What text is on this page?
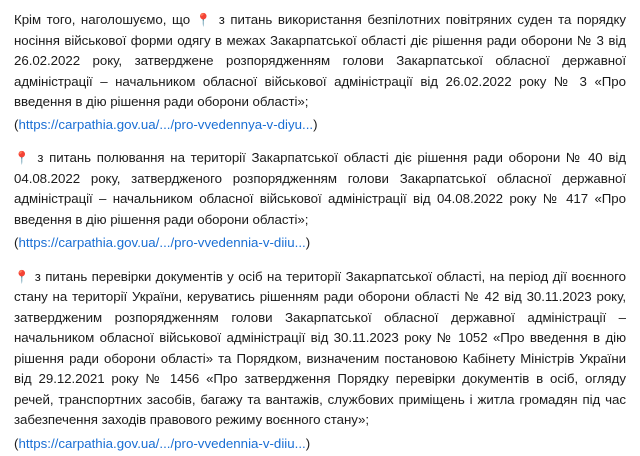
Крім того, наголошуємо, що 📍 з питань використання безпілотних повітряних суден та порядку носіння військової форми одягу в межах Закарпатської області діє рішення ради оборони № 3 від 26.02.2022 року, затверджене розпорядженням голови Закарпатської обласної державної адміністрації – начальником обласної військової адміністрації від 26.02.2022 року № 3 «Про введення в дію рішення ради оборони області»;

(https://carpathia.gov.ua/.../pro-vvedennya-v-diyu...)

📍 з питань полювання на території Закарпатської області діє рішення ради оборони № 40 від 04.08.2022 року, затвердженого розпорядженням голови Закарпатської обласної державної адміністрації – начальником обласної військової адміністрації від 04.08.2022 року № 417 «Про введення в дію рішення ради оборони області»;

(https://carpathia.gov.ua/.../pro-vvedennia-v-diiu...)

📍 з питань перевірки документів у осіб на території Закарпатської області, на період дії воєнного стану на території України, керуватись рішенням ради оборони області № 42 від 30.11.2023 року, затвердженим розпорядженням голови Закарпатської обласної державної адміністрації – начальником обласної військової адміністрації від 30.11.2023 року № 1052 «Про введення в дію рішення ради оборони області» та Порядком, визначеним постановою Кабінету Міністрів України від 29.12.2021 року № 1456 «Про затвердження Порядку перевірки документів в осіб, огляду речей, транспортних засобів, багажу та вантажів, службових приміщень і житла громадян під час забезпечення заходів правового режиму воєнного стану»;

(https://carpathia.gov.ua/.../pro-vvedennia-v-diiu...)
